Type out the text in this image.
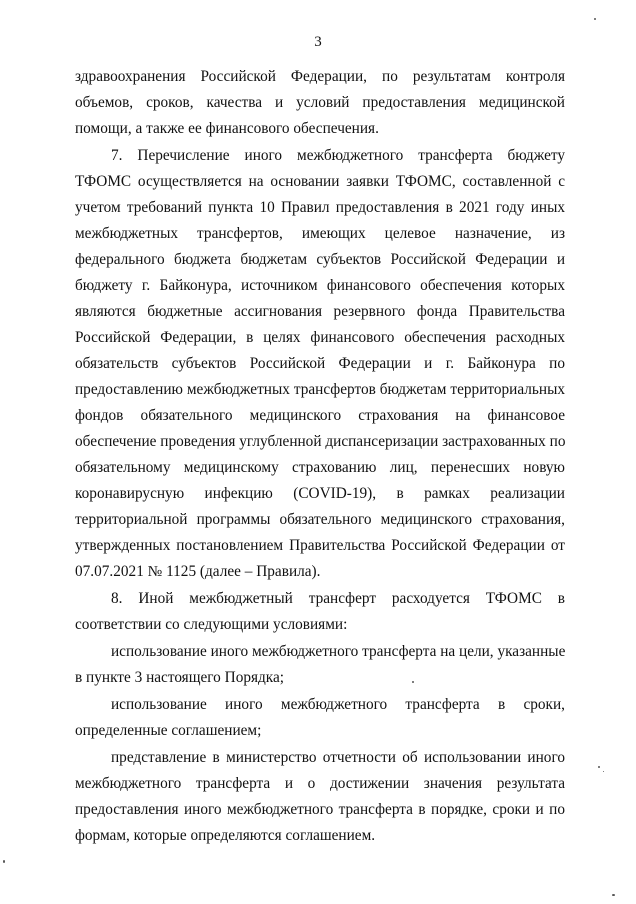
3
здравоохранения Российской Федерации, по результатам контроля
объемов, сроков, качества и условий предоставления медицинской
помощи, а также ее финансового обеспечения.
7. Перечисление иного межбюджетного трансферта бюджету
ТФОМС осуществляется на основании заявки ТФОМС, составленной с
учетом требований пункта 10 Правил предоставления в 2021 году иных
межбюджетных трансфертов, имеющих целевое назначение, из
федерального бюджета бюджетам субъектов Российской Федерации и
бюджету г. Байконура, источником финансового обеспечения которых
являются бюджетные ассигнования резервного фонда Правительства
Российской Федерации, в целях финансового обеспечения расходных
обязательств субъектов Российской Федерации и г. Байконура по
предоставлению межбюджетных трансфертов бюджетам территориальных
фондов обязательного медицинского страхования на финансовое
обеспечение проведения углубленной диспансеризации застрахованных по
обязательному медицинскому страхованию лиц, перенесших новую
коронавирусную инфекцию (COVID-19), в рамках реализации
территориальной программы обязательного медицинского страхования,
утвержденных постановлением Правительства Российской Федерации от
07.07.2021 № 1125 (далее – Правила).
8. Иной межбюджетный трансферт расходуется ТФОМС в
соответствии со следующими условиями:
использование иного межбюджетного трансферта на цели, указанные
в пункте 3 настоящего Порядка;
использование иного межбюджетного трансферта в сроки,
определенные соглашением;
представление в министерство отчетности об использовании иного
межбюджетного трансферта и о достижении значения результата
предоставления иного межбюджетного трансферта в порядке, сроки и по
формам, которые определяются соглашением.
